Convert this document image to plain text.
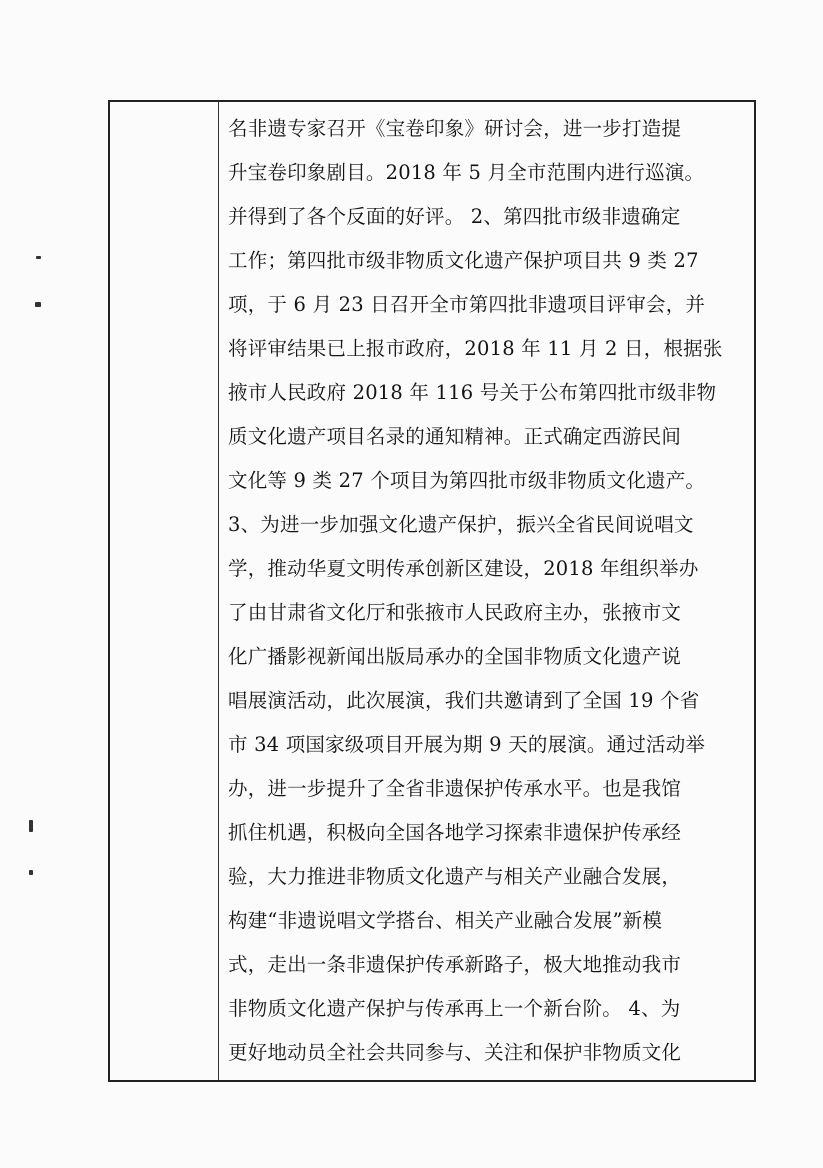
名非遗专家召开《宝卷印象》研讨会，进一步打造提
升宝卷印象剧目。2018 年 5 月全市范围内进行巡演。
并得到了各个反面的好评。 2、第四批市级非遗确定
工作；第四批市级非物质文化遗产保护项目共 9 类 27
项，于 6 月 23 日召开全市第四批非遗项目评审会，并
将评审结果已上报市政府，2018 年 11 月 2 日，根据张
掖市人民政府 2018 年 116 号关于公布第四批市级非物
质文化遗产项目名录的通知精神。正式确定西游民间
文化等 9 类 27 个项目为第四批市级非物质文化遗产。
3、为进一步加强文化遗产保护，振兴全省民间说唱文
学，推动华夏文明传承创新区建设，2018 年组织举办
了由甘肃省文化厅和张掖市人民政府主办，张掖市文
化广播影视新闻出版局承办的全国非物质文化遗产说
唱展演活动，此次展演，我们共邀请到了全国 19 个省
市 34 项国家级项目开展为期 9 天的展演。通过活动举
办，进一步提升了全省非遗保护传承水平。也是我馆
抓住机遇，积极向全国各地学习探索非遗保护传承经
验，大力推进非物质文化遗产与相关产业融合发展，
构建“非遗说唱文学搭台、相关产业融合发展”新模
式，走出一条非遗保护传承新路子，极大地推动我市
非物质文化遗产保护与传承再上一个新台阶。 4、为
更好地动员全社会共同参与、关注和保护非物质文化
